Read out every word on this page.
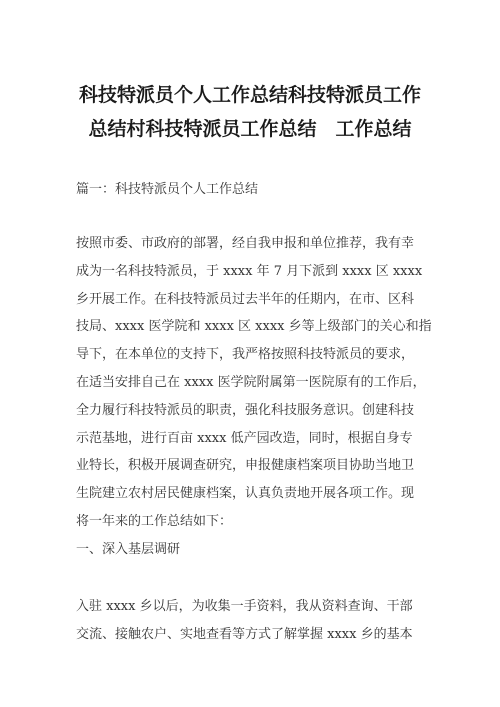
科技特派员个人工作总结科技特派员工作
总结村科技特派员工作总结　工作总结

篇一：科技特派员个人工作总结

按照市委、市政府的部署，经自我申报和单位推荐，我有幸
成为一名科技特派员，于 xxxx 年 7 月下派到 xxxx 区 xxxx
乡开展工作。在科技特派员过去半年的任期内，在市、区科
技局、xxxx 医学院和 xxxx 区 xxxx 乡等上级部门的关心和指
导下，在本单位的支持下，我严格按照科技特派员的要求，
在适当安排自己在 xxxx 医学院附属第一医院原有的工作后，
全力履行科技特派员的职责，强化科技服务意识。创建科技
示范基地，进行百亩 xxxx 低产园改造，同时，根据自身专
业特长，积极开展调查研究，申报健康档案项目协助当地卫
生院建立农村居民健康档案，认真负责地开展各项工作。现
将一年来的工作总结如下：

一、深入基层调研

入驻 xxxx 乡以后，为收集一手资料，我从资料查询、干部
交流、接触农户、实地查看等方式了解掌握 xxxx 乡的基本
